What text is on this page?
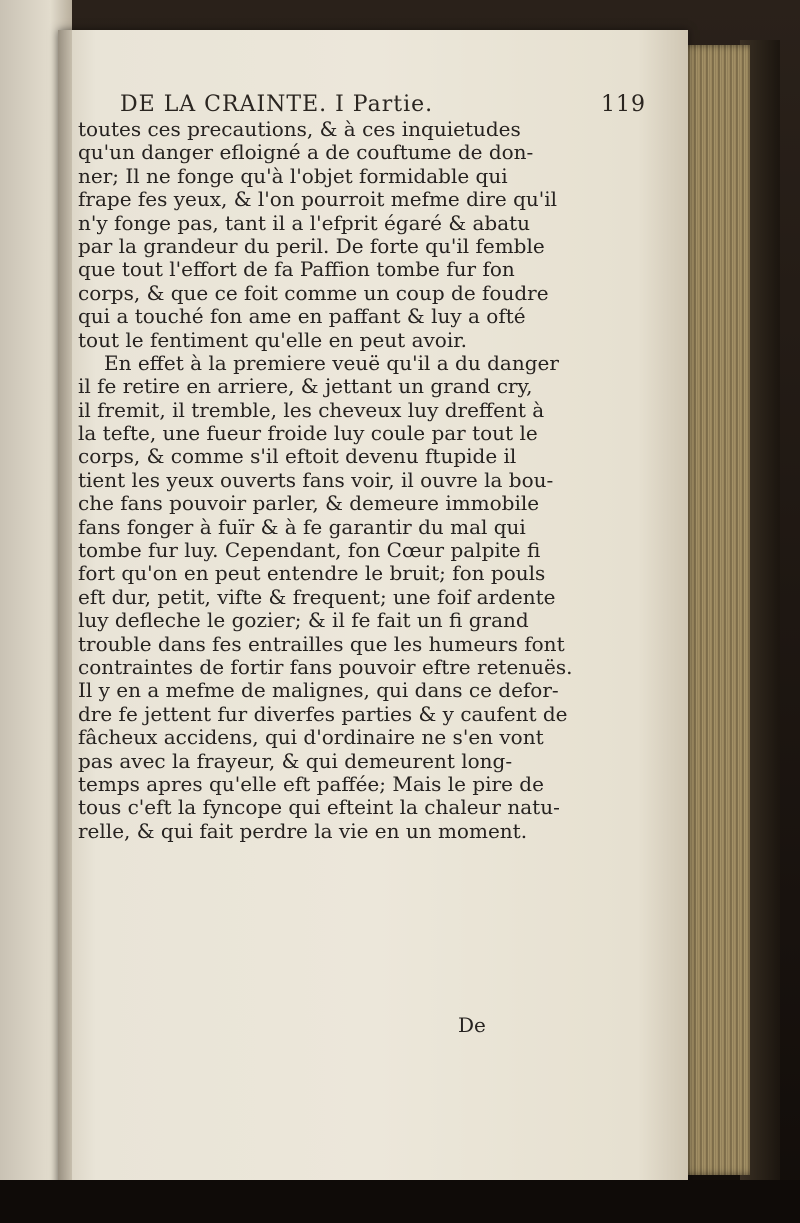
DE LA CRAINTE. I Partie.	119
toutes ces precautions, & à ces inquietudes
qu'un danger efloigné a de couftume de don-
ner; Il ne fonge qu'à l'objet formidable qui
frape fes yeux, & l'on pourroit mefme dire qu'il
n'y fonge pas, tant il a l'efprit égaré & abatu
par la grandeur du peril. De forte qu'il femble
que tout l'effort de fa Paffion tombe fur fon
corps, & que ce foit comme un coup de foudre
qui a touché fon ame en paffant & luy a ofté
tout le fentiment qu'elle en peut avoir.
En effet à la premiere veuë qu'il a du danger
il fe retire en arriere, & jettant un grand cry,
il fremit, il tremble, les cheveux luy dreffent à
la tefte, une fueur froide luy coule par tout le
corps, & comme s'il eftoit devenu ftupide il
tient les yeux ouverts fans voir, il ouvre la bou-
che fans pouvoir parler, & demeure immobile
fans fonger à fuïr & à fe garantir du mal qui
tombe fur luy. Cependant, fon Cœur palpite fi
fort qu'on en peut entendre le bruit; fon pouls
eft dur, petit, vifte & frequent; une foif ardente
luy defleche le gozier; & il fe fait un fi grand
trouble dans fes entrailles que les humeurs font
contraintes de fortir fans pouvoir eftre retenuës.
Il y en a mefme de malignes, qui dans ce defor-
dre fe jettent fur diverfes parties & y caufent de
fâcheux accidens, qui d'ordinaire ne s'en vont
pas avec la frayeur, & qui demeurent long-
temps apres qu'elle eft paffée; Mais le pire de
tous c'eft la fyncope qui efteint la chaleur natu-
relle, & qui fait perdre la vie en un moment.
De
